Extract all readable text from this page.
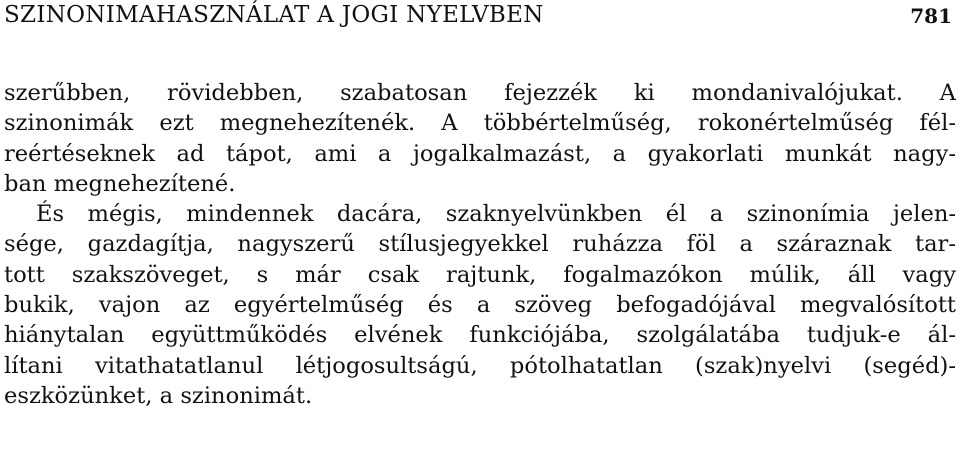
SZINONIMAHASZNÁLAT A JOGI NYELVBEN	781
szerűbben, rövidebben, szabatosan fejezzék ki mondanivalójukat. A
szinonimák ezt megnehezítenék. A többértelműség, rokonértelműség fél-
reértéseknek ad tápot, ami a jogalkalmazást, a gyakorlati munkát nagy-
ban megnehezítené.
És mégis, mindennek dacára, szaknyelvünkben él a szinonímia jelen-
sége, gazdagítja, nagyszerű stílusjegyekkel ruházza föl a száraznak tar-
tott szakszöveget, s már csak rajtunk, fogalmazókon múlik, áll vagy
bukik, vajon az egyértelműség és a szöveg befogadójával megvalósított
hiánytalan együttműködés elvének funkciójába, szolgálatába tudjuk-e ál-
lítani vitathatatlanul létjogosultságú, pótolhatatlan (szak)nyelvi (segéd)-
eszközünket, a szinonimát.
